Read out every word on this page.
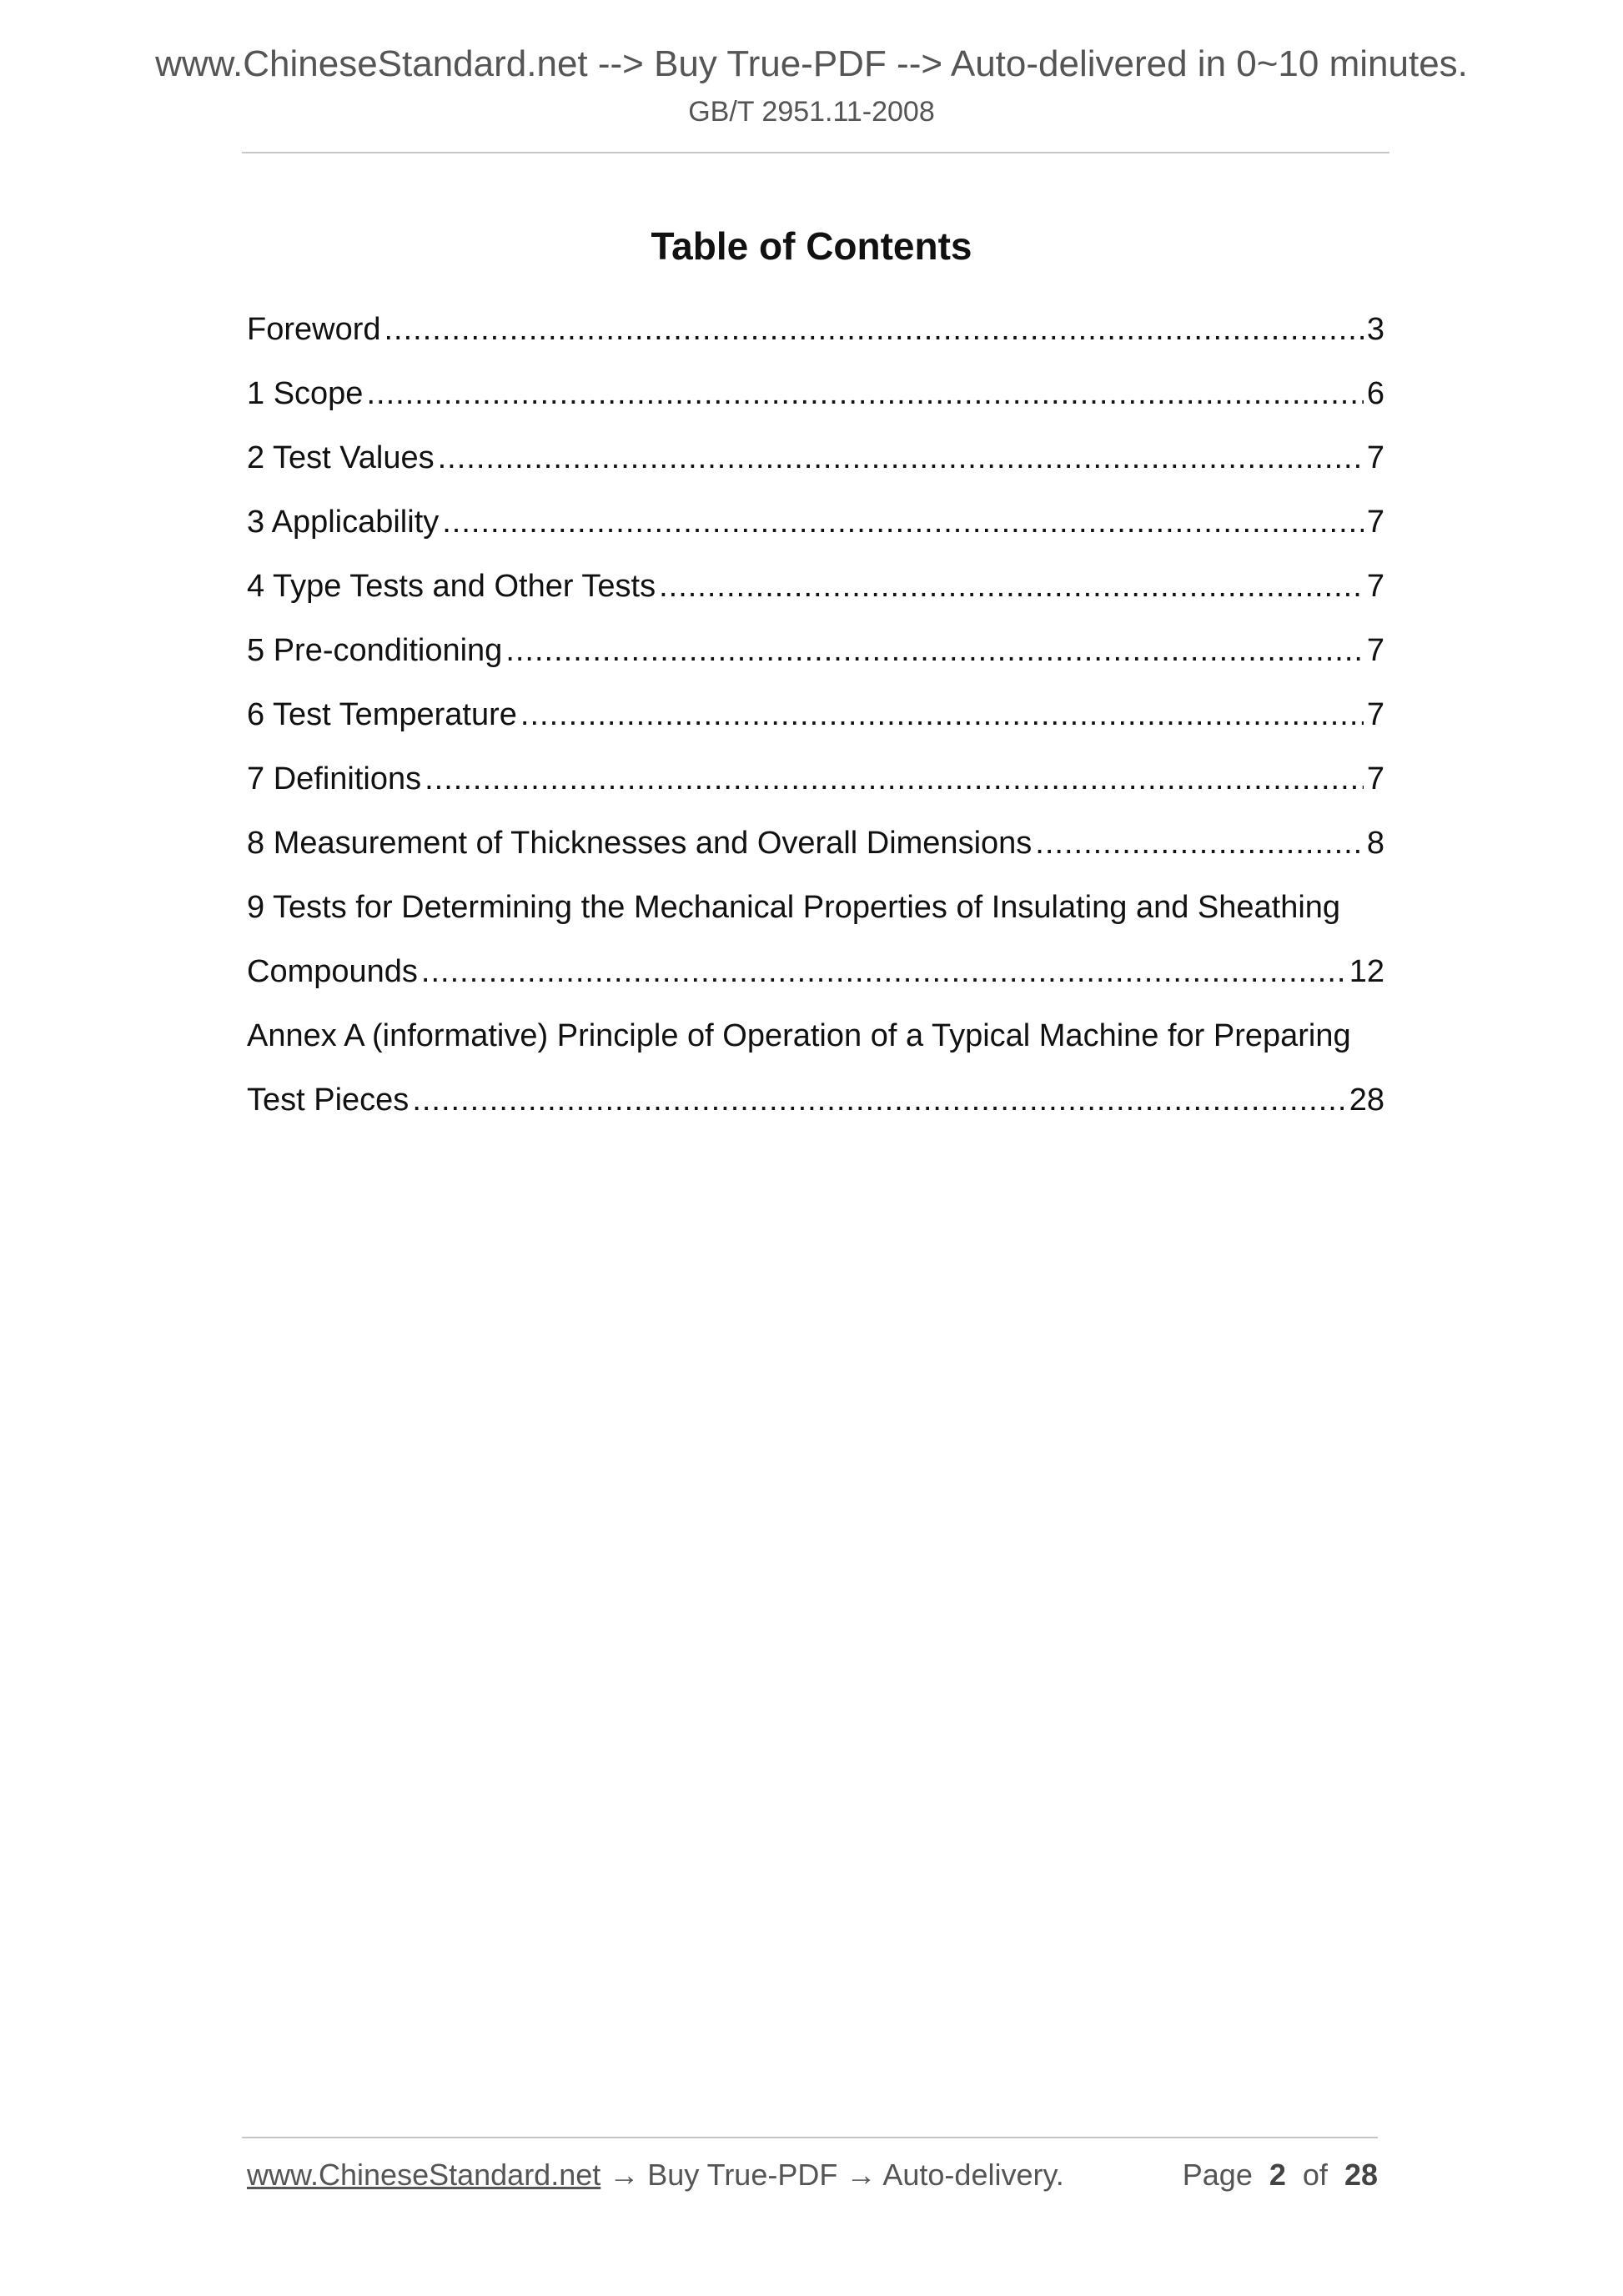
www.ChineseStandard.net --> Buy True-PDF --> Auto-delivered in 0~10 minutes.
GB/T 2951.11-2008
Table of Contents
Foreword .....	3
1 Scope .....	6
2 Test Values .....	7
3 Applicability .....	7
4 Type Tests and Other Tests .....	7
5 Pre-conditioning .....	7
6 Test Temperature .....	7
7 Definitions .....	7
8 Measurement of Thicknesses and Overall Dimensions .....	8
9 Tests for Determining the Mechanical Properties of Insulating and Sheathing
Compounds .....	12
Annex A (informative) Principle of Operation of a Typical Machine for Preparing
Test Pieces .....	28
www.ChineseStandard.net → Buy True-PDF → Auto-delivery.	Page 2 of 28
